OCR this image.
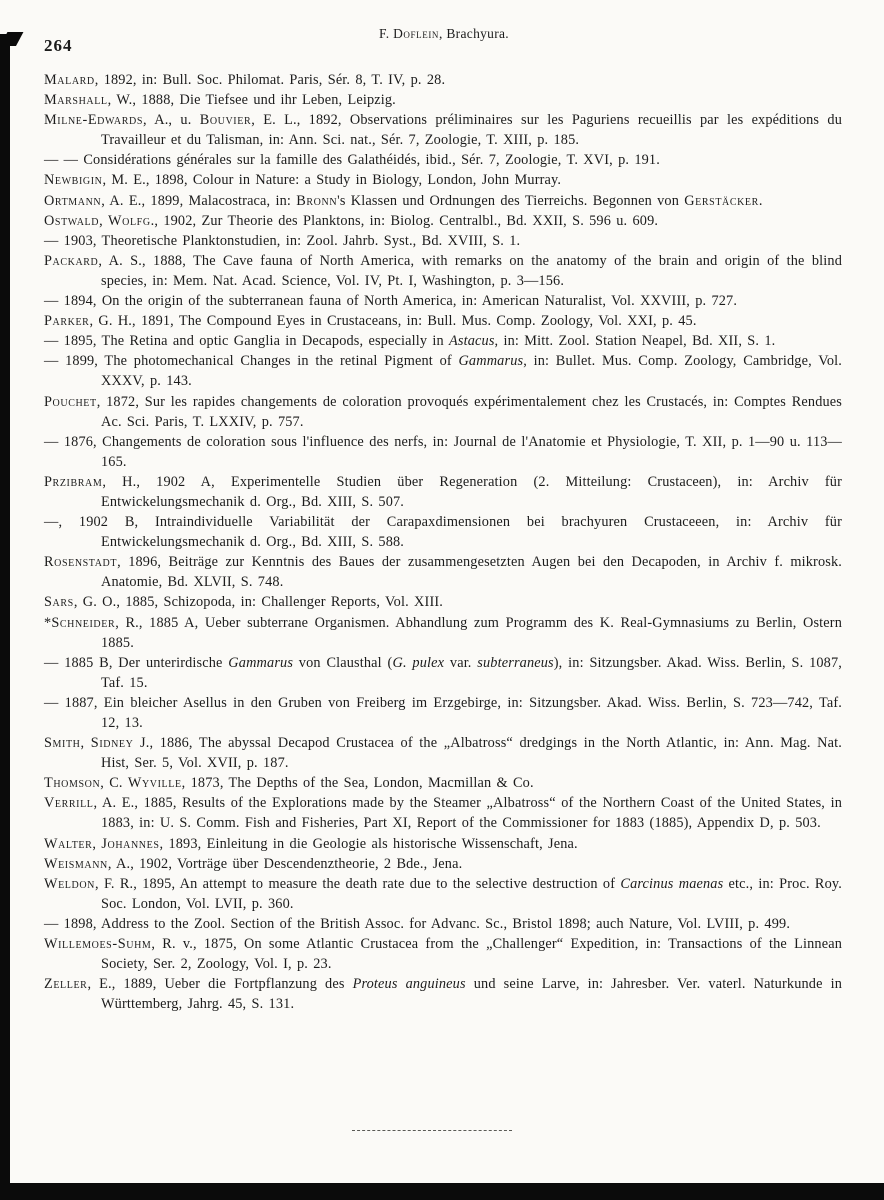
264
F. Doflein, Brachyura.

Malard, 1892, in: Bull. Soc. Philomat. Paris, Sér. 8, T. IV, p. 28.

Marshall, W., 1888, Die Tiefsee und ihr Leben, Leipzig.

Milne-Edwards, A., u. Bouvier, E. L., 1892, Observations préliminaires sur les Paguriens recueillis par les expéditions du Travailleur et du Talisman, in: Ann. Sci. nat., Sér. 7, Zoologie, T. XIII, p. 185.

— — Considérations générales sur la famille des Galathéidés, ibid., Sér. 7, Zoologie, T. XVI, p. 191.

Newbigin, M. E., 1898, Colour in Nature: a Study in Biology, London, John Murray.

Ortmann, A. E., 1899, Malacostraca, in: Bronn's Klassen und Ordnungen des Tierreichs. Begonnen von Gerstäcker.

Ostwald, Wolfg., 1902, Zur Theorie des Planktons, in: Biolog. Centralbl., Bd. XXII, S. 596 u. 609.

— 1903, Theoretische Planktonstudien, in: Zool. Jahrb. Syst., Bd. XVIII, S. 1.

Packard, A. S., 1888, The Cave fauna of North America, with remarks on the anatomy of the brain and origin of the blind species, in: Mem. Nat. Acad. Science, Vol. IV, Pt. I, Washington, p. 3—156.

— 1894, On the origin of the subterranean fauna of North America, in: American Naturalist, Vol. XXVIII, p. 727.

Parker, G. H., 1891, The Compound Eyes in Crustaceans, in: Bull. Mus. Comp. Zoology, Vol. XXI, p. 45.

— 1895, The Retina and optic Ganglia in Decapods, especially in Astacus, in: Mitt. Zool. Station Neapel, Bd. XII, S. 1.

— 1899, The photomechanical Changes in the retinal Pigment of Gammarus, in: Bullet. Mus. Comp. Zoology, Cambridge, Vol. XXXV, p. 143.

Pouchet, 1872, Sur les rapides changements de coloration provoqués expérimentalement chez les Crustacés, in: Comptes Rendues Ac. Sci. Paris, T. LXXIV, p. 757.

— 1876, Changements de coloration sous l'influence des nerfs, in: Journal de l'Anatomie et Physiologie, T. XII, p. 1—90 u. 113—165.

Przibram, H., 1902 A, Experimentelle Studien über Regeneration (2. Mitteilung: Crustaceen), in: Archiv für Entwickelungsmechanik d. Org., Bd. XIII, S. 507.

—, 1902 B, Intraindividuelle Variabilität der Carapaxdimensionen bei brachyuren Crustaceeen, in: Archiv für Entwickelungsmechanik d. Org., Bd. XIII, S. 588.

Rosenstadt, 1896, Beiträge zur Kenntnis des Baues der zusammengesetzten Augen bei den Decapoden, in Archiv f. mikrosk. Anatomie, Bd. XLVII, S. 748.

Sars, G. O., 1885, Schizopoda, in: Challenger Reports, Vol. XIII.

*Schneider, R., 1885 A, Ueber subterrane Organismen. Abhandlung zum Programm des K. Real-Gymnasiums zu Berlin, Ostern 1885.

— 1885 B, Der unterirdische Gammarus von Clausthal (G. pulex var. subterraneus), in: Sitzungsber. Akad. Wiss. Berlin, S. 1087, Taf. 15.

— 1887, Ein bleicher Asellus in den Gruben von Freiberg im Erzgebirge, in: Sitzungsber. Akad. Wiss. Berlin, S. 723—742, Taf. 12, 13.

Smith, Sidney J., 1886, The abyssal Decapod Crustacea of the „Albatross“ dredgings in the North Atlantic, in: Ann. Mag. Nat. Hist, Ser. 5, Vol. XVII, p. 187.

Thomson, C. Wyville, 1873, The Depths of the Sea, London, Macmillan & Co.

Verrill, A. E., 1885, Results of the Explorations made by the Steamer „Albatross“ of the Northern Coast of the United States, in 1883, in: U. S. Comm. Fish and Fisheries, Part XI, Report of the Commissioner for 1883 (1885), Appendix D, p. 503.

Walter, Johannes, 1893, Einleitung in die Geologie als historische Wissenschaft, Jena.

Weismann, A., 1902, Vorträge über Descendenztheorie, 2 Bde., Jena.

Weldon, F. R., 1895, An attempt to measure the death rate due to the selective destruction of Carcinus maenas etc., in: Proc. Roy. Soc. London, Vol. LVII, p. 360.

— 1898, Address to the Zool. Section of the British Assoc. for Advanc. Sc., Bristol 1898; auch Nature, Vol. LVIII, p. 499.

Willemoes-Suhm, R. v., 1875, On some Atlantic Crustacea from the „Challenger“ Expedition, in: Transactions of the Linnean Society, Ser. 2, Zoology, Vol. I, p. 23.

Zeller, E., 1889, Ueber die Fortpflanzung des Proteus anguineus und seine Larve, in: Jahresber. Ver. vaterl. Naturkunde in Württemberg, Jahrg. 45, S. 131.
